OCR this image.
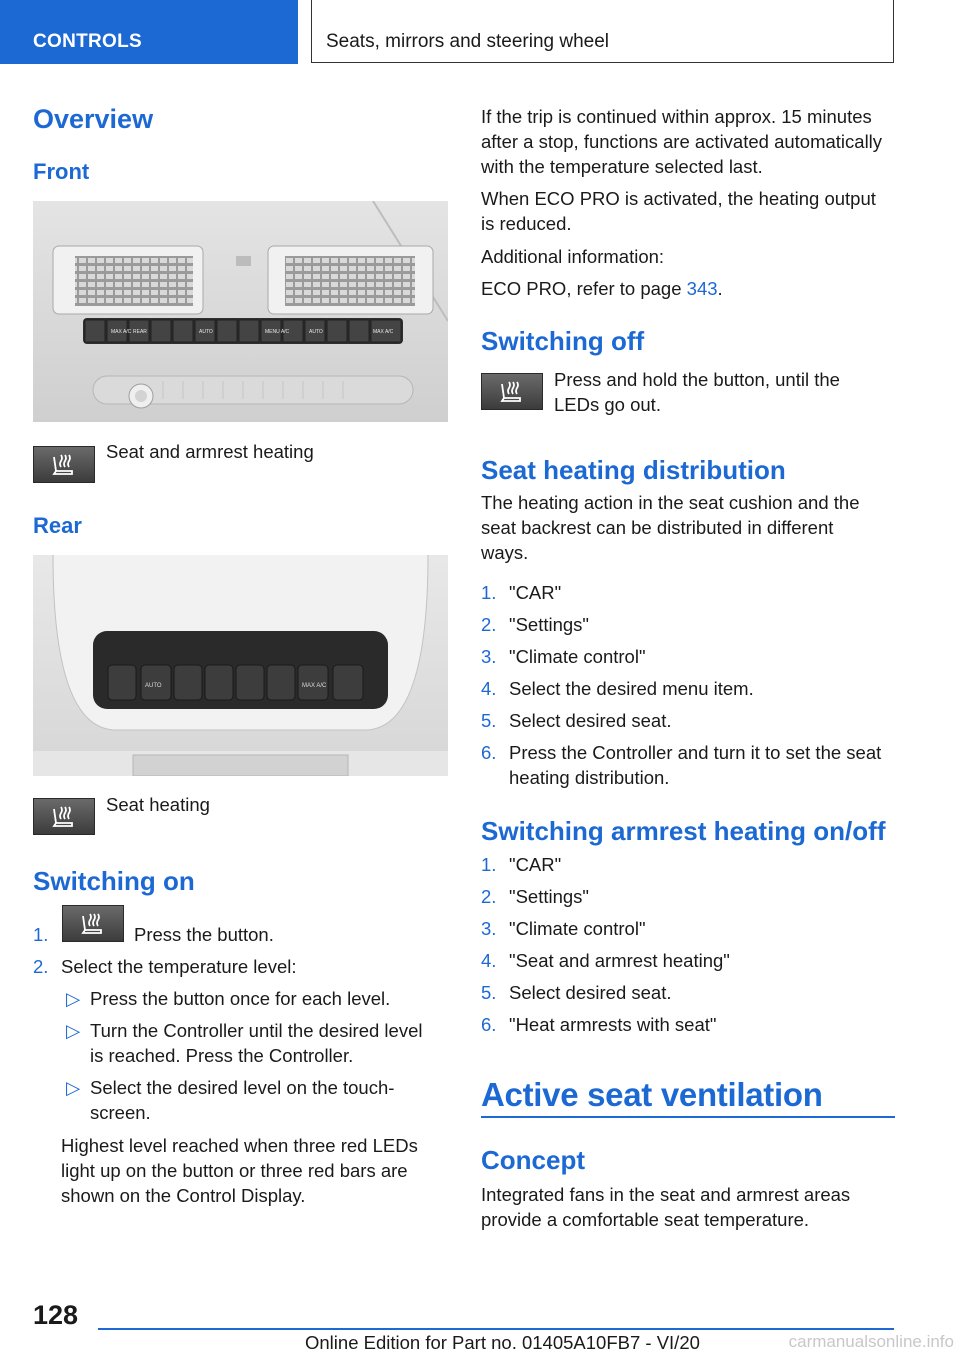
CONTROLS	Seats, mirrors and steering wheel
Overview
Front
MAX A/C REAR	AUTO	MENU A/C	AUTO	MAX A/C
Seat and armrest heating
Rear
AUTO	MAX A/C
Seat heating
Switching on
1.	Press the button.
2. Select the temperature level:
▷ Press the button once for each level.
▷ Turn the Controller until the desired level
is reached. Press the Controller.
▷ Select the desired level on the touch-
screen.
Highest level reached when three red LEDs
light up on the button or three red bars are
shown on the Control Display.
If the trip is continued within approx. 15 minutes
after a stop, functions are activated automatically
with the temperature selected last.
When ECO PRO is activated, the heating output
is reduced.
Additional information:
ECO PRO, refer to page 343.
Switching off
Press and hold the button, until the
LEDs go out.
Seat heating distribution
The heating action in the seat cushion and the
seat backrest can be distributed in different
ways.
1. "CAR"
2. "Settings"
3. "Climate control"
4. Select the desired menu item.
5. Select desired seat.
6. Press the Controller and turn it to set the seat
heating distribution.
Switching armrest heating on/off
1. "CAR"
2. "Settings"
3. "Climate control"
4. "Seat and armrest heating"
5. Select desired seat.
6. "Heat armrests with seat"
Active seat ventilation
Concept
Integrated fans in the seat and armrest areas
provide a comfortable seat temperature.
128
Online Edition for Part no. 01405A10FB7 - VI/20	carmanualsonline.info
